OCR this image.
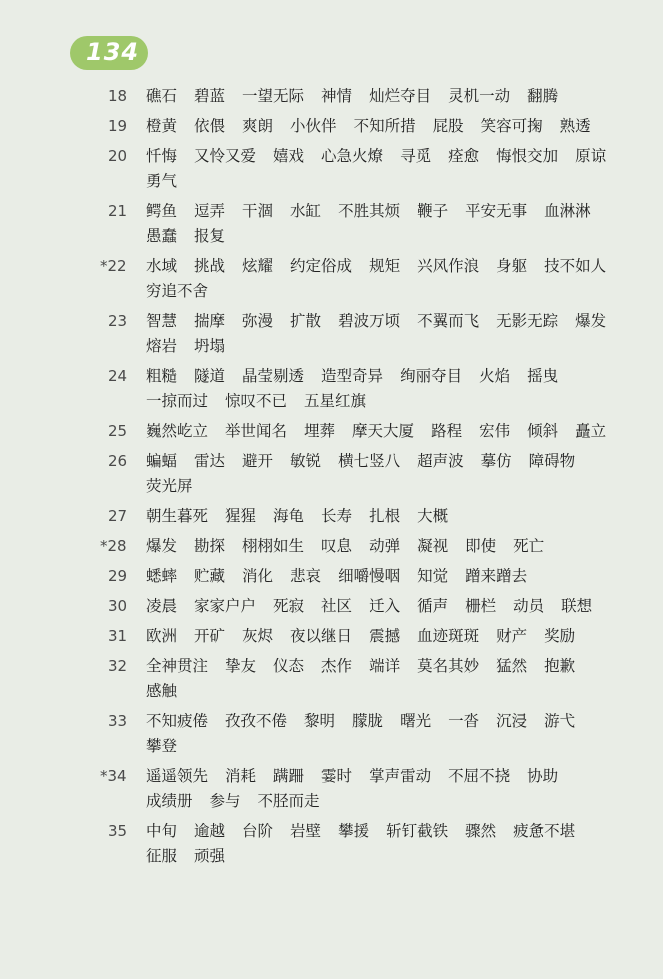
134
18	礁石 碧蓝 一望无际 神情 灿烂夺目 灵机一动 翻腾
19	橙黄 依偎 爽朗 小伙伴 不知所措 屁股 笑容可掬 熟透
20	忏悔 又怜又爱 嬉戏 心急火燎 寻觅 痊愈 悔恨交加 原谅
勇气
21	鳄鱼 逗弄 干涸 水缸 不胜其烦 鞭子 平安无事 血淋淋
愚蠢 报复
*22	水域 挑战 炫耀 约定俗成 规矩 兴风作浪 身躯 技不如人
穷追不舍
23	智慧 揣摩 弥漫 扩散 碧波万顷 不翼而飞 无影无踪 爆发
熔岩 坍塌
24	粗糙 隧道 晶莹剔透 造型奇异 绚丽夺目 火焰 摇曳
一掠而过 惊叹不已 五星红旗
25	巍然屹立 举世闻名 埋葬 摩天大厦 路程 宏伟 倾斜 矗立
26	蝙蝠 雷达 避开 敏锐 横七竖八 超声波 摹仿 障碍物
荧光屏
27	朝生暮死 猩猩 海龟 长寿 扎根 大概
*28	爆发 勘探 栩栩如生 叹息 动弹 凝视 即使 死亡
29	蟋蟀 贮藏 消化 悲哀 细嚼慢咽 知觉 蹭来蹭去
30	凌晨 家家户户 死寂 社区 迁入 循声 栅栏 动员 联想
31	欧洲 开矿 灰烬 夜以继日 震撼 血迹斑斑 财产 奖励
32	全神贯注 挚友 仪态 杰作 端详 莫名其妙 猛然 抱歉
感触
33	不知疲倦 孜孜不倦 黎明 朦胧 曙光 一沓 沉浸 游弋
攀登
*34	遥遥领先 消耗 蹒跚 霎时 掌声雷动 不屈不挠 协助
成绩册 参与 不胫而走
35	中旬 逾越 台阶 岩壁 攀援 斩钉截铁 骤然 疲惫不堪
征服 顽强
